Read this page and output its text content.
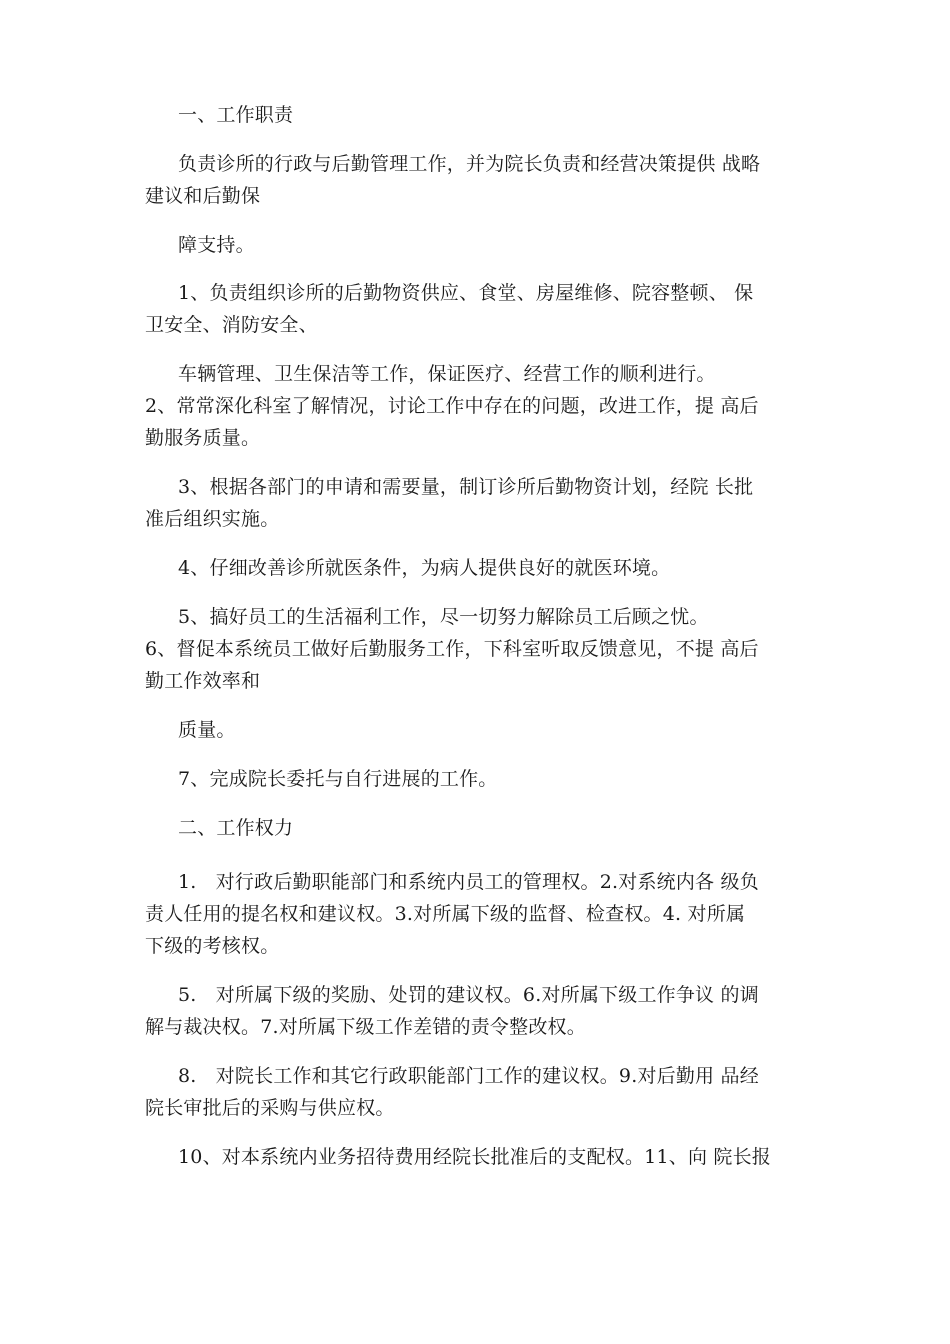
一、工作职责
负责诊所的行政与后勤管理工作，并为院长负责和经营决策提供 战略
建议和后勤保
障支持。
1、负责组织诊所的后勤物资供应、食堂、房屋维修、院容整顿、 保
卫安全、消防安全、
车辆管理、卫生保洁等工作，保证医疗、经营工作的顺利进行。
2、常常深化科室了解情况，讨论工作中存在的问题，改进工作，提 高后
勤服务质量。
3、根据各部门的申请和需要量，制订诊所后勤物资计划，经院 长批
准后组织实施。
4、仔细改善诊所就医条件，为病人提供良好的就医环境。
5、搞好员工的生活福利工作，尽一切努力解除员工后顾之忧。
6、督促本系统员工做好后勤服务工作，下科室听取反馈意见，不提 高后
勤工作效率和
质量。
7、完成院长委托与自行进展的工作。
二、工作权力
1.　对行政后勤职能部门和系统内员工的管理权。2.对系统内各 级负
责人任用的提名权和建议权。3.对所属下级的监督、检查权。4. 对所属
下级的考核权。
5.　对所属下级的奖励、处罚的建议权。6.对所属下级工作争议 的调
解与裁决权。7.对所属下级工作差错的责令整改权。
8.　对院长工作和其它行政职能部门工作的建议权。9.对后勤用 品经
院长审批后的采购与供应权。
10、对本系统内业务招待费用经院长批准后的支配权。11、向 院长报
